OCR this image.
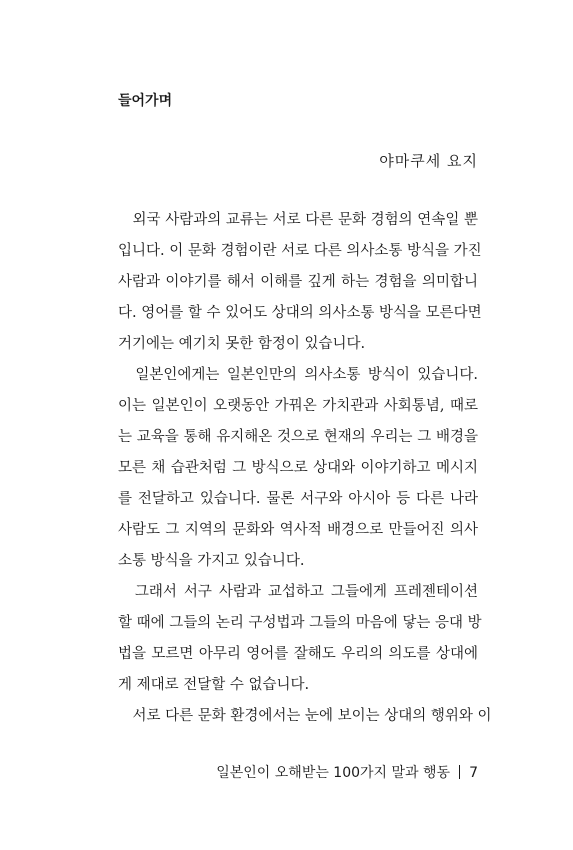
들어가며
야마쿠세 요지
　외국 사람과의 교류는 서로 다른 문화 경험의 연속일 뿐
입니다. 이 문화 경험이란 서로 다른 의사소통 방식을 가진
사람과 이야기를 해서 이해를 깊게 하는 경험을 의미합니
다. 영어를 할 수 있어도 상대의 의사소통 방식을 모른다면
거기에는 예기치 못한 함정이 있습니다.
　일본인에게는 일본인만의 의사소통 방식이 있습니다.
이는 일본인이 오랫동안 가꿔온 가치관과 사회통념, 때로
는 교육을 통해 유지해온 것으로 현재의 우리는 그 배경을
모른 채 습관처럼 그 방식으로 상대와 이야기하고 메시지
를 전달하고 있습니다. 물론 서구와 아시아 등 다른 나라
사람도 그 지역의 문화와 역사적 배경으로 만들어진 의사
소통 방식을 가지고 있습니다.
　그래서 서구 사람과 교섭하고 그들에게 프레젠테이션
할 때에 그들의 논리 구성법과 그들의 마음에 닿는 응대 방
법을 모르면 아무리 영어를 잘해도 우리의 의도를 상대에
게 제대로 전달할 수 없습니다.
　서로 다른 문화 환경에서는 눈에 보이는 상대의 행위와 이
일본인이 오해받는 100가지 말과 행동 7
